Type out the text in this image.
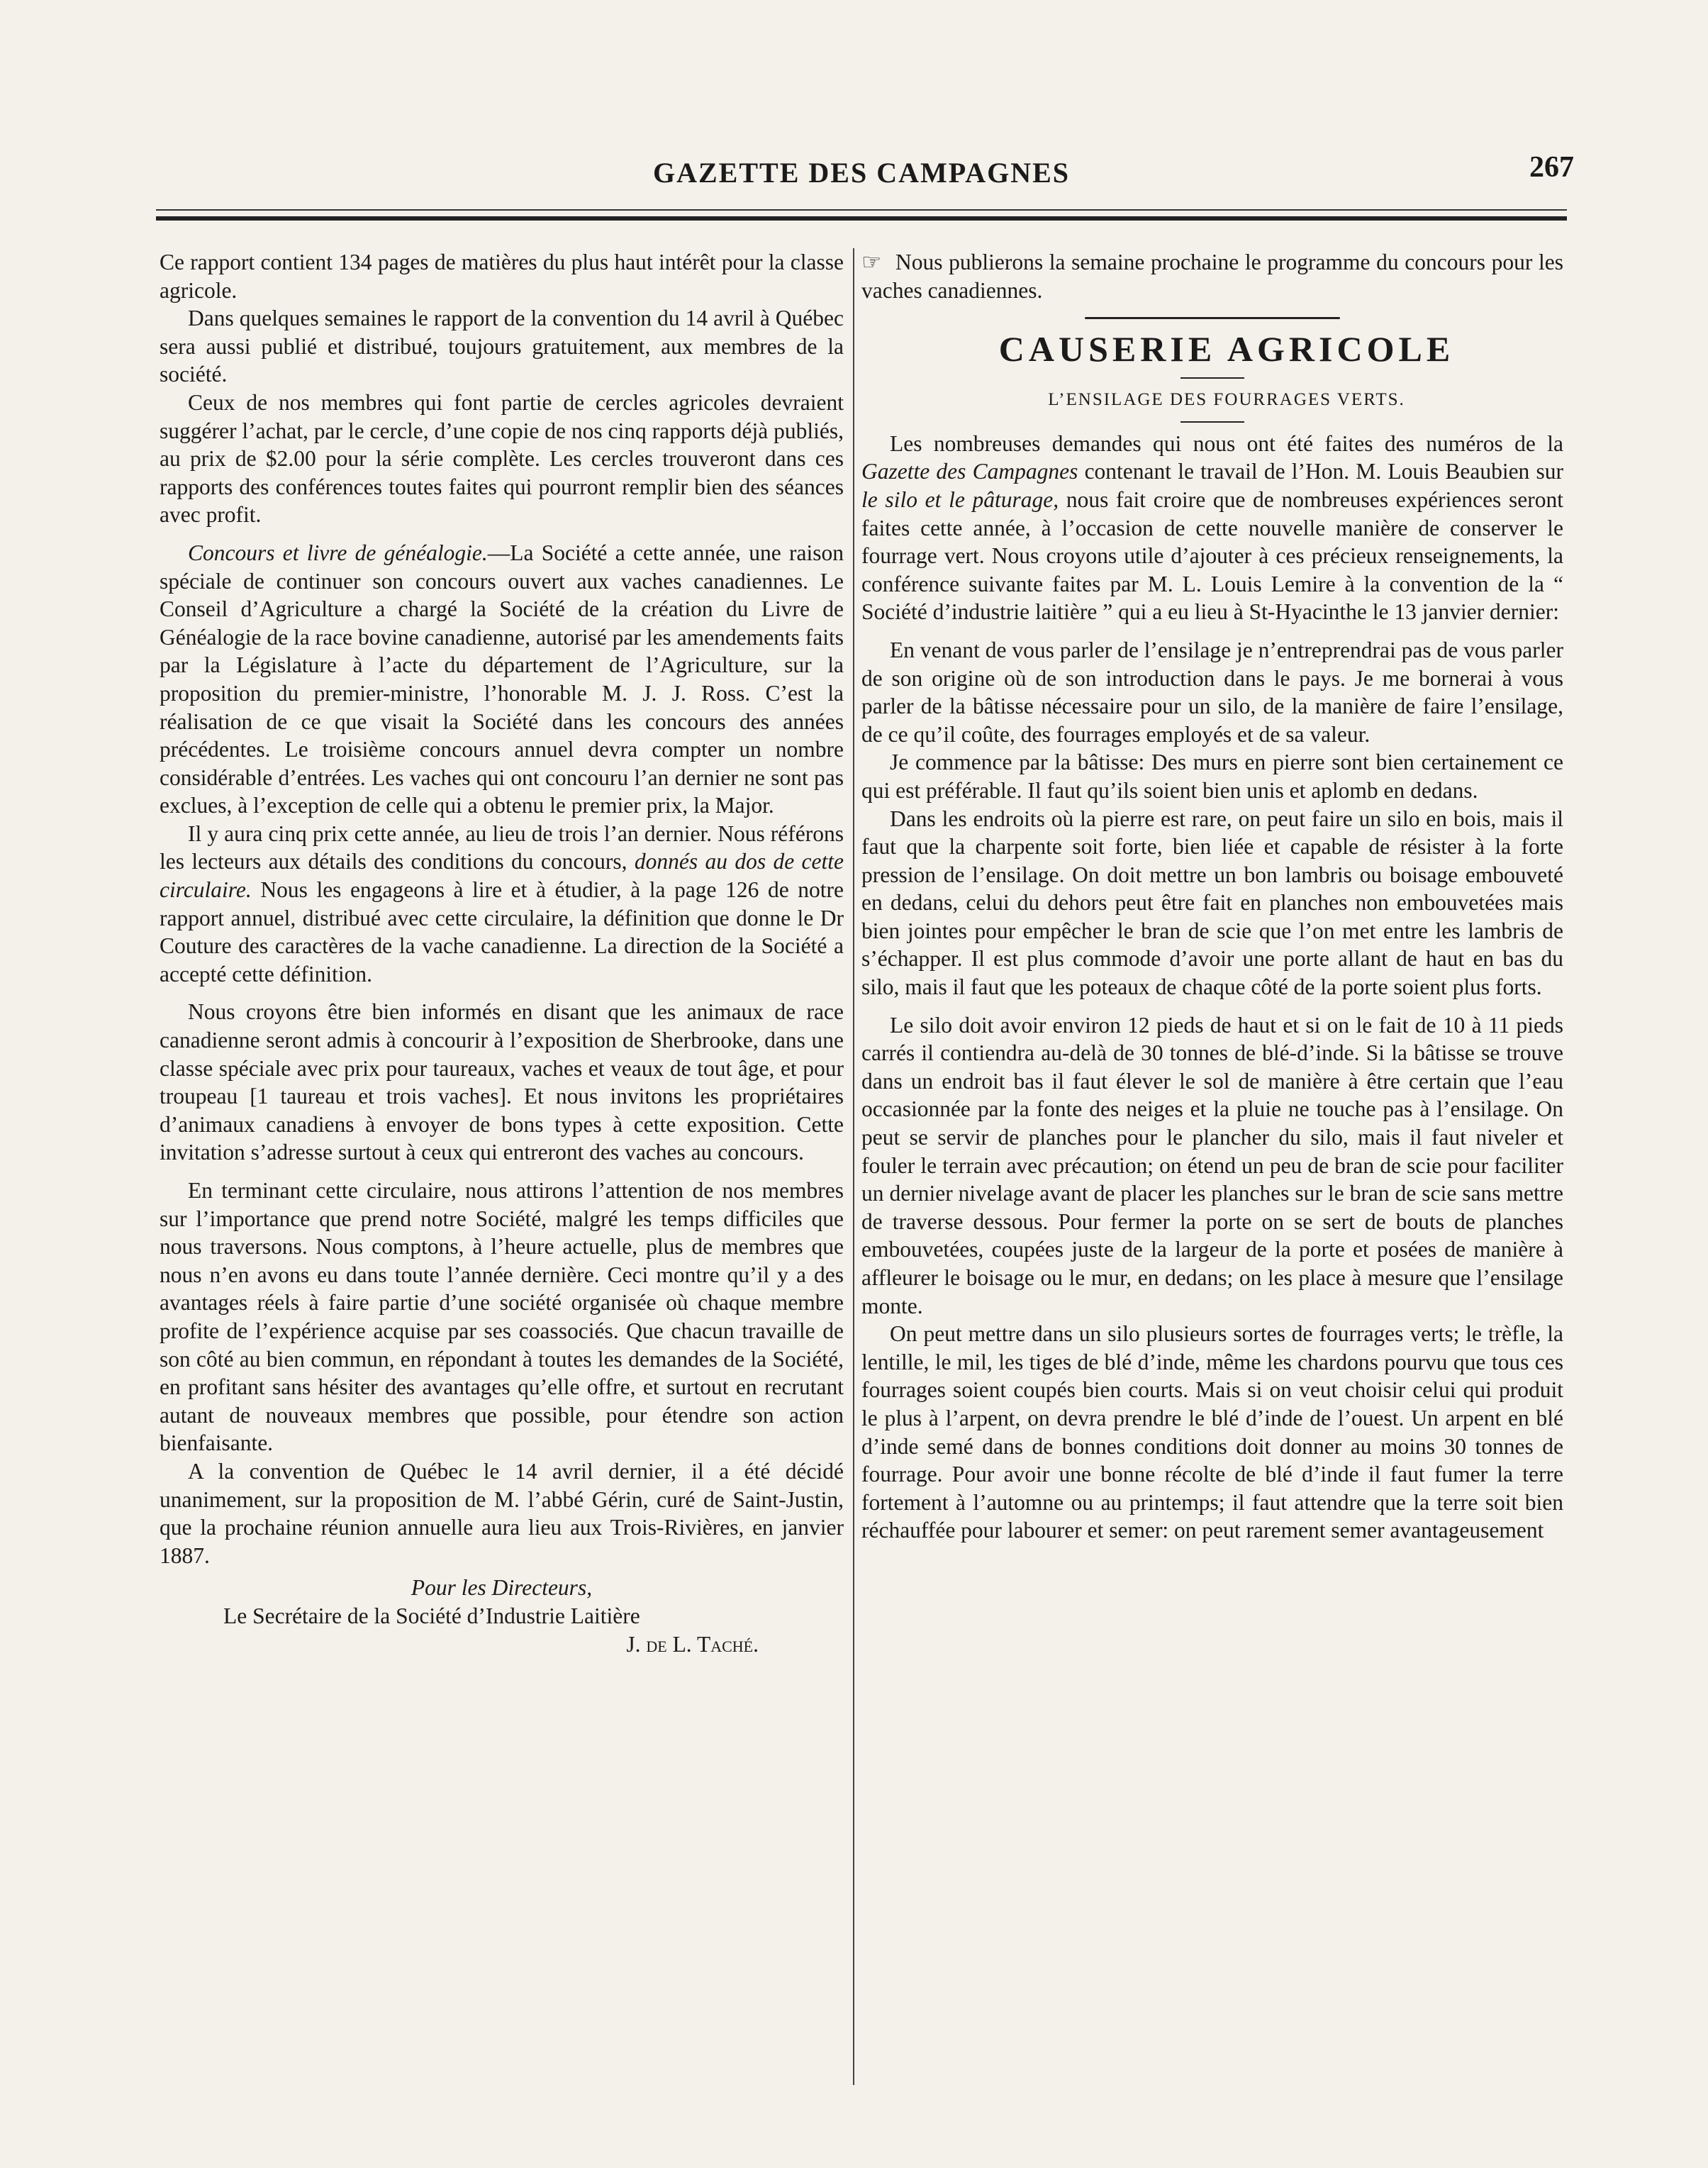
GAZETTE DES CAMPAGNES	267

Ce rapport contient 134 pages de matières du plus haut intérêt pour la classe agricole.

Dans quelques semaines le rapport de la convention du 14 avril à Québec sera aussi publié et distribué, toujours gratuitement, aux membres de la société.

Ceux de nos membres qui font partie de cercles agricoles devraient suggérer l’achat, par le cercle, d’une copie de nos cinq rapports déjà publiés, au prix de $2.00 pour la série complète. Les cercles trouveront dans ces rapports des conférences toutes faites qui pourront remplir bien des séances avec profit.

Concours et livre de généalogie.—La Société a cette année, une raison spéciale de continuer son concours ouvert aux vaches canadiennes. Le Conseil d’Agriculture a chargé la Société de la création du Livre de Généalogie de la race bovine canadienne, autorisé par les amendements faits par la Législature à l’acte du département de l’Agriculture, sur la proposition du premier-ministre, l’honorable M. J. J. Ross. C’est la réalisation de ce que visait la Société dans les concours des années précédentes. Le troisième concours annuel devra compter un nombre considérable d’entrées. Les vaches qui ont concouru l’an dernier ne sont pas exclues, à l’exception de celle qui a obtenu le premier prix, la Major.

Il y aura cinq prix cette année, au lieu de trois l’an dernier. Nous référons les lecteurs aux détails des conditions du concours, donnés au dos de cette circulaire. Nous les engageons à lire et à étudier, à la page 126 de notre rapport annuel, distribué avec cette circulaire, la définition que donne le Dr Couture des caractères de la vache canadienne. La direction de la Société a accepté cette définition.

Nous croyons être bien informés en disant que les animaux de race canadienne seront admis à concourir à l’exposition de Sherbrooke, dans une classe spéciale avec prix pour taureaux, vaches et veaux de tout âge, et pour troupeau [1 taureau et trois vaches]. Et nous invitons les propriétaires d’animaux canadiens à envoyer de bons types à cette exposition. Cette invitation s’adresse surtout à ceux qui entreront des vaches au concours.

En terminant cette circulaire, nous attirons l’attention de nos membres sur l’importance que prend notre Société, malgré les temps difficiles que nous traversons. Nous comptons, à l’heure actuelle, plus de membres que nous n’en avons eu dans toute l’année dernière. Ceci montre qu’il y a des avantages réels à faire partie d’une société organisée où chaque membre profite de l’expérience acquise par ses coassociés. Que chacun travaille de son côté au bien commun, en répondant à toutes les demandes de la Société, en profitant sans hésiter des avantages qu’elle offre, et surtout en recrutant autant de nouveaux membres que possible, pour étendre son action bienfaisante.

A la convention de Québec le 14 avril dernier, il a été décidé unanimement, sur la proposition de M. l’abbé Gérin, curé de Saint-Justin, que la prochaine réunion annuelle aura lieu aux Trois-Rivières, en janvier 1887.

Pour les Directeurs,

Le Secrétaire de la Société d’Industrie Laitière

J. de L. Taché.

☞ Nous publierons la semaine prochaine le programme du concours pour les vaches canadiennes.

CAUSERIE AGRICOLE

L’ENSILAGE DES FOURRAGES VERTS.

Les nombreuses demandes qui nous ont été faites des numéros de la Gazette des Campagnes contenant le travail de l’Hon. M. Louis Beaubien sur le silo et le pâturage, nous fait croire que de nombreuses expériences seront faites cette année, à l’occasion de cette nouvelle manière de conserver le fourrage vert. Nous croyons utile d’ajouter à ces précieux renseignements, la conférence suivante faites par M. L. Louis Lemire à la convention de la “ Société d’industrie laitière ” qui a eu lieu à St-Hyacinthe le 13 janvier dernier:

En venant de vous parler de l’ensilage je n’entreprendrai pas de vous parler de son origine où de son introduction dans le pays. Je me bornerai à vous parler de la bâtisse nécessaire pour un silo, de la manière de faire l’ensilage, de ce qu’il coûte, des fourrages employés et de sa valeur.

Je commence par la bâtisse: Des murs en pierre sont bien certainement ce qui est préférable. Il faut qu’ils soient bien unis et aplomb en dedans.

Dans les endroits où la pierre est rare, on peut faire un silo en bois, mais il faut que la charpente soit forte, bien liée et capable de résister à la forte pression de l’ensilage. On doit mettre un bon lambris ou boisage embouveté en dedans, celui du dehors peut être fait en planches non embouvetées mais bien jointes pour empêcher le bran de scie que l’on met entre les lambris de s’échapper. Il est plus commode d’avoir une porte allant de haut en bas du silo, mais il faut que les poteaux de chaque côté de la porte soient plus forts.

Le silo doit avoir environ 12 pieds de haut et si on le fait de 10 à 11 pieds carrés il contiendra au-delà de 30 tonnes de blé-d’inde. Si la bâtisse se trouve dans un endroit bas il faut élever le sol de manière à être certain que l’eau occasionnée par la fonte des neiges et la pluie ne touche pas à l’ensilage. On peut se servir de planches pour le plancher du silo, mais il faut niveler et fouler le terrain avec précaution; on étend un peu de bran de scie pour faciliter un dernier nivelage avant de placer les planches sur le bran de scie sans mettre de traverse dessous. Pour fermer la porte on se sert de bouts de planches embouvetées, coupées juste de la largeur de la porte et posées de manière à affleurer le boisage ou le mur, en dedans; on les place à mesure que l’ensilage monte.

On peut mettre dans un silo plusieurs sortes de fourrages verts; le trèfle, la lentille, le mil, les tiges de blé d’inde, même les chardons pourvu que tous ces fourrages soient coupés bien courts. Mais si on veut choisir celui qui produit le plus à l’arpent, on devra prendre le blé d’inde de l’ouest. Un arpent en blé d’inde semé dans de bonnes conditions doit donner au moins 30 tonnes de fourrage. Pour avoir une bonne récolte de blé d’inde il faut fumer la terre fortement à l’automne ou au printemps; il faut attendre que la terre soit bien réchauffée pour labourer et semer: on peut rarement semer avantageusement
